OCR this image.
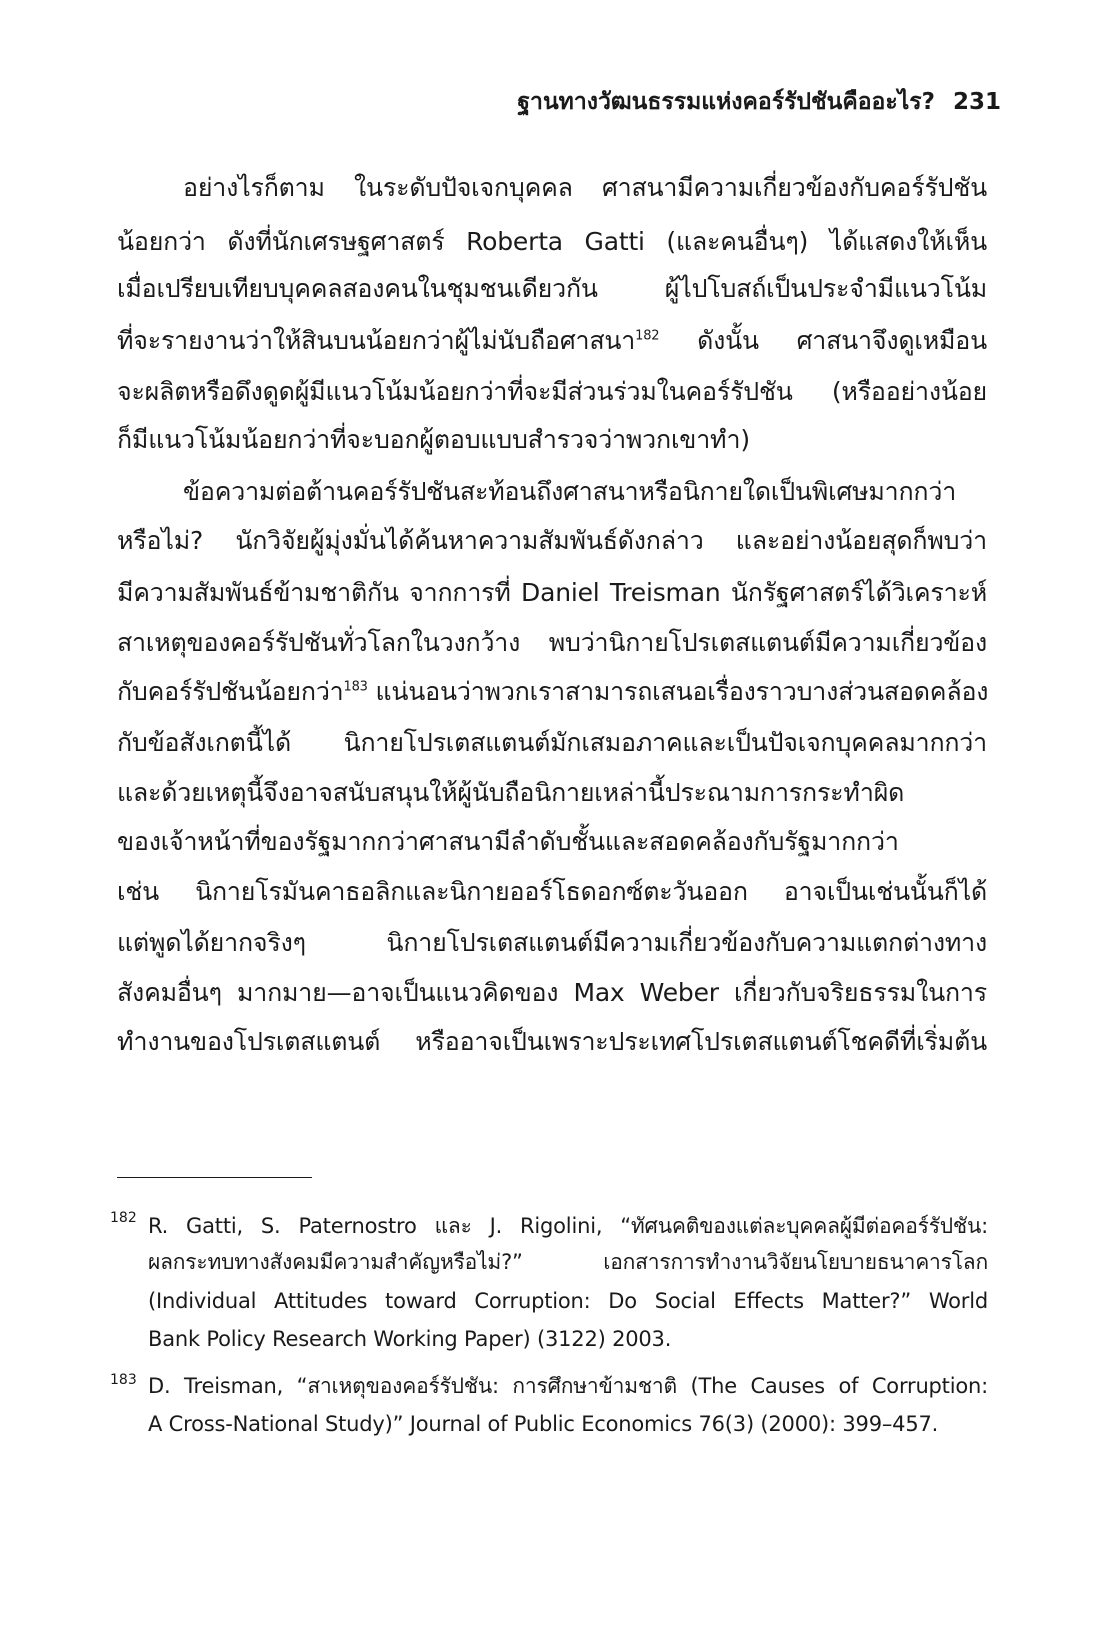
ฐานทางวัฒนธรรมแห่งคอร์รัปชันคืออะไร? 231
อย่างไรก็ตาม ในระดับปัจเจกบุคคล ศาสนามีความเกี่ยวข้องกับคอร์รัปชัน
น้อยกว่า ดังที่นักเศรษฐศาสตร์ Roberta Gatti (และคนอื่นๆ) ได้แสดงให้เห็น
เมื่อเปรียบเทียบบุคคลสองคนในชุมชนเดียวกัน ผู้ไปโบสถ์เป็นประจำมีแนวโน้ม
ที่จะรายงานว่าให้สินบนน้อยกว่าผู้ไม่นับถือศาสนา$^{182}$ ดังนั้น ศาสนาจึงดูเหมือน
จะผลิตหรือดึงดูดผู้มีแนวโน้มน้อยกว่าที่จะมีส่วนร่วมในคอร์รัปชัน (หรืออย่างน้อย
ก็มีแนวโน้มน้อยกว่าที่จะบอกผู้ตอบแบบสำรวจว่าพวกเขาทำ)
ข้อความต่อต้านคอร์รัปชันสะท้อนถึงศาสนาหรือนิกายใดเป็นพิเศษมากกว่า
หรือไม่? นักวิจัยผู้มุ่งมั่นได้ค้นหาความสัมพันธ์ดังกล่าว และอย่างน้อยสุดก็พบว่า
มีความสัมพันธ์ข้ามชาติกัน จากการที่ Daniel Treisman นักรัฐศาสตร์ได้วิเคราะห์
สาเหตุของคอร์รัปชันทั่วโลกในวงกว้าง พบว่านิกายโปรเตสแตนต์มีความเกี่ยวข้อง
กับคอร์รัปชันน้อยกว่า$^{183}$ แน่นอนว่าพวกเราสามารถเสนอเรื่องราวบางส่วนสอดคล้อง
กับข้อสังเกตนี้ได้ นิกายโปรเตสแตนต์มักเสมอภาคและเป็นปัจเจกบุคคลมากกว่า
และด้วยเหตุนี้จึงอาจสนับสนุนให้ผู้นับถือนิกายเหล่านี้ประณามการกระทำผิด
ของเจ้าหน้าที่ของรัฐมากกว่าศาสนามีลำดับชั้นและสอดคล้องกับรัฐมากกว่า
เช่น นิกายโรมันคาธอลิกและนิกายออร์โธดอกซ์ตะวันออก อาจเป็นเช่นนั้นก็ได้
แต่พูดได้ยากจริงๆ นิกายโปรเตสแตนต์มีความเกี่ยวข้องกับความแตกต่างทาง
สังคมอื่นๆ มากมาย—อาจเป็นแนวคิดของ Max Weber เกี่ยวกับจริยธรรมในการ
ทำงานของโปรเตสแตนต์ หรืออาจเป็นเพราะประเทศโปรเตสแตนต์โชคดีที่เริ่มต้น
182 R. Gatti, S. Paternostro และ J. Rigolini, “ทัศนคติของแต่ละบุคคลผู้มีต่อคอร์รัปชัน:
ผลกระทบทางสังคมมีความสำคัญหรือไม่?” เอกสารการทำงานวิจัยนโยบายธนาคารโลก
(Individual Attitudes toward Corruption: Do Social Effects Matter?” World
Bank Policy Research Working Paper) (3122) 2003.
183 D. Treisman, “สาเหตุของคอร์รัปชัน: การศึกษาข้ามชาติ (The Causes of Corruption:
A Cross-National Study)” Journal of Public Economics 76(3) (2000): 399–457.
